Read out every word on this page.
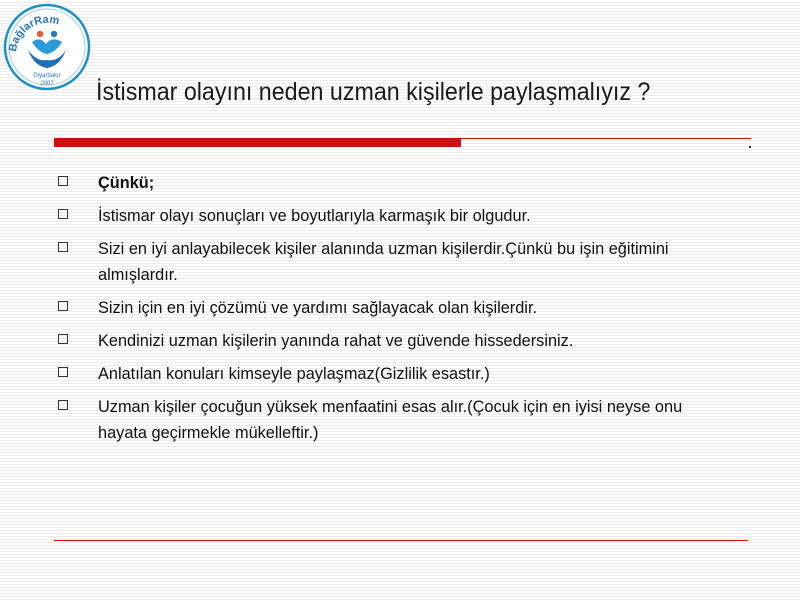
BağlarRam
Diyarbakır
2007 İstismar olayını neden uzman kişilerle paylaşmalıyız ?
Çünkü;
İstismar olayı sonuçları ve boyutlarıyla karmaşık bir olgudur.
Sizi en iyi anlayabilecek kişiler alanında uzman kişilerdir.Çünkü bu işin eğitimini almışlardır.
Sizin için en iyi çözümü ve yardımı sağlayacak olan kişilerdir.
Kendinizi uzman kişilerin yanında rahat ve güvende hissedersiniz.
Anlatılan konuları kimseyle paylaşmaz(Gizlilik esastır.)
Uzman kişiler çocuğun yüksek menfaatini esas alır.(Çocuk için en iyisi neyse onu hayata geçirmekle mükelleftir.)
